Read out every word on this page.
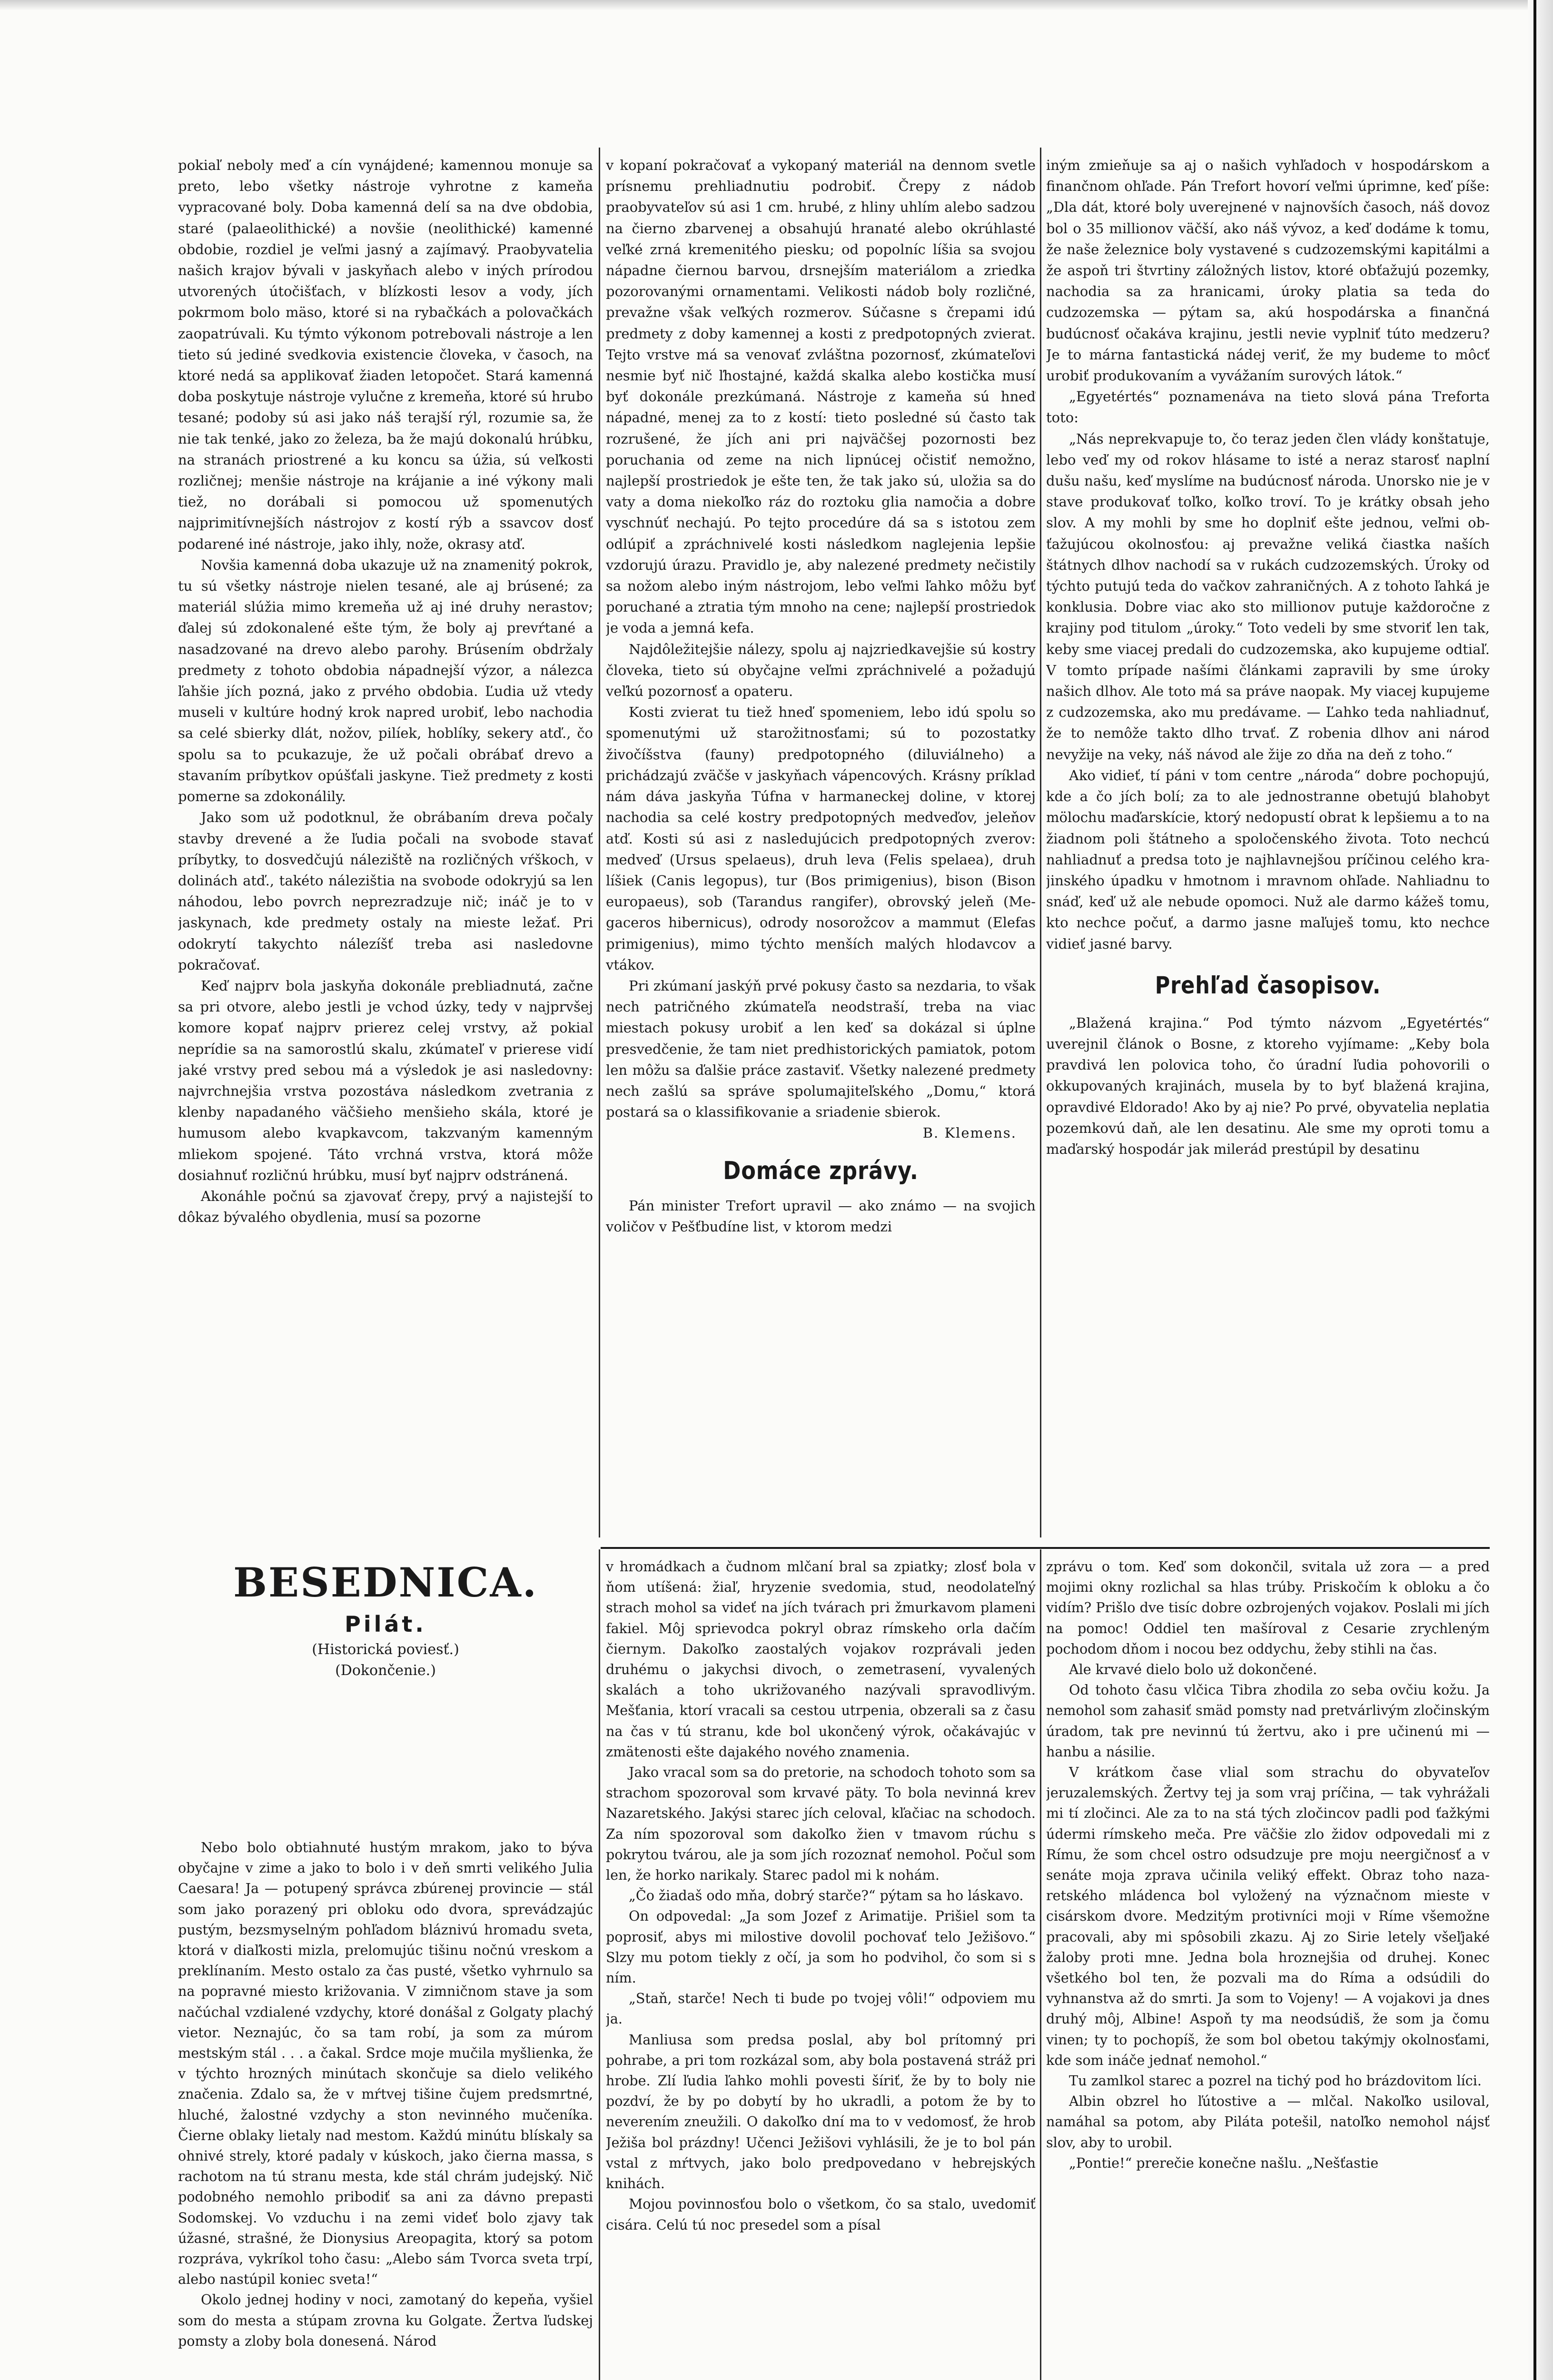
pokiaľ neboly meď a cín vynájdené; kamennou monuje sa preto, lebo všetky nástroje vyhrotne z kameňa vypracované boly. Doba kamenná delí sa na dve obdobia, staré (palaeolithické) a novšie (neolithické) kamenné obdobie, rozdiel je veľmi jasný a zajímavý. Praobyvatelia našich krajov bývali v jaskyňach alebo v iných prírodou utvorených útočišťach, v blízkosti lesov a vody, jích pokrmom bolo mäso, ktoré si na rybačkách a polovačkách zaopatrúvali. Ku týmto výkonom potrebovali nástroje a len tieto sú jediné svedkovia existencie človeka, v časoch, na ktoré nedá sa applikovať žiaden letopočet. Stará kamenná doba poskytuje nástroje vylučne z kremeňa, ktoré sú hrubo tesané; podoby sú asi jako náš terajší rýl, rozumie sa, že nie tak tenké, jako zo železa, ba že majú dokonalú hrúbku, na stranách priostrené a ku koncu sa úžia, sú veľkosti rozličnej; menšie nástroje na krájanie a iné výkony mali tiež, no dorábali si pomocou už spomenutých najprimitívnejších nástrojov z kostí rýb a ssavcov dosť podarené iné nástroje, jako ihly, nože, okrasy atď.

Novšia kamenná doba ukazuje už na znamenitý pokrok, tu sú všetky nástroje nielen tesané, ale aj brúsené; za materiál slúžia mimo kremeňa už aj iné druhy nerastov; ďalej sú zdokonalené ešte tým, že boly aj prevŕtané a nasadzované na drevo alebo parohy. Brúsením obdržaly predmety z tohoto obdobia nápadnejší výzor, a nálezca ľahšie jích pozná, jako z prvého obdobia. Ľudia už vtedy museli v kultúre hodný krok napred urobiť, lebo nachodia sa celé sbierky dlát, nožov, pilíek, hoblíky, sekery atď., čo spolu sa to pcukazuje, že už počali obrábať drevo a stavaním príbytkov opúšťali jaskyne. Tiež predmety z kosti pomerne sa zdokonálily.

Jako som už podotknul, že obrábaním dreva počaly stavby drevené a že ľudia počali na svobode stavať príbytky, to dosvedčujú náleziště na rozličných vŕškoch, v dolinách atď., takéto nálezištia na svobode odokryjú sa len náhodou, lebo povrch neprezradzuje nič; ináč je to v jaskynach, kde predmety ostaly na mieste ležať. Pri odokrytí takychto nálezíšť treba asi nasledovne pokračovať.

Keď najprv bola jaskyňa dokonále prebliadnutá, začne sa pri otvore, alebo jestli je vchod úzky, tedy v najprvšej komore kopať najprv prierez celej vrstvy, až pokiaľ neprídie sa na samorostlú skalu, zkúmateľ v prieresе vidí jaké vrstvy pred sebou má a výsledok je asi nasledovny: najvrchnejšia vrstva pozostáva následkom zvetrania z klenby napadaného väčšieho menšieho skála, ktoré je humusom alebo kvapkavcom, takzvaným kamenným mliekom spojené. Táto vrchná vrstva, ktorá môže dosiahnuť rozličnú hrúbku, musí byť najprv odstránená.

Akonáhle počnú sa zjavovať črepy, prvý a najistejší to dôkaz bývalého obydlenia, musí sa pozorne

v kopaní pokračovať a vykopaný materiál na dennom svetle prísnemu prehliadnutiu podrobiť. Črepy z nádob praobyvateľov sú asi 1 cm. hrubé, z hliny uhlím alebo sadzou na čierno zbarvenej a obsahujú hranaté alebo okrúhlasté veľké zrná kremenitého piesku; od popolníc líšia sa svojou nápadne čiernou barvou, drsnejším materiálom a zriedka pozorovanými ornamentami. Velikosti nádob boly rozličné, prevažne však veľkých rozmerov. Súčasne s črepami idú predmety z doby kamennej a kosti z predpotopných zvierat. Tejto vrstve má sa venovať zvláštna pozornosť, zkúmateľovi nesmie byť nič ľhostajné, každá skalka alebo kostička musí byť dokonále prezkúmaná. Nástroje z kameňa sú hneď nápadné, menej za to z kostí: tieto posledné sú často tak rozrušené, že jích ani pri najväčšej pozornosti bez poruchania od zeme na nich lipnúcej očistiť nemožno, najlepší prostriedok je ešte ten, že tak jako sú, uložia sa do vaty a doma niekoľko ráz do roztoku glia namočia a dobre vyschnúť nechajú. Po tejto procedúre dá sa s istotou zem odlúpiť a zpráchnivelé kosti následkom naglejenia lepšie vzdorujú úrazu. Pravidlo je, aby nalezené predmety nečistily sa nožom alebo iným nástrojom, lebo veľmi ľahko môžu byť poruchané a ztratia tým mnoho na cene; najlepší prostriedok je voda a jemná kefa.

Najdôležitejšie nálezy, spolu aj najzriedkavejšie sú kostry človeka, tieto sú obyčajne veľmi zpráchnivelé a požadujú veľkú pozornosť a opateru.

Kosti zvierat tu tiež hneď spomeniem, lebo idú spolu so spomenutými už starožitnosťami; sú to pozostatky živočíšstva (fauny) predpotopného (diluviálneho) a prichádzajú zväčše v jaskyňach vápencových. Krásny príklad nám dáva jaskyňa Túfna v harmaneckej doline, v ktorej nachodia sa celé kostry predpotopných medveďov, jeleňov atď. Kosti sú asi z nasledujúcich predpotopných zverov: medveď (Ursus spelaeus), druh leva (Felis spelaea), druh líšiek (Canis legopus), tur (Bos primigenius), bison (Bison europaeus), sob (Tarandus rangifer), obrovský jeleň (Megaceros hibernicus), odrody nosorožcov a mammut (Elefas primigenius), mimo týchto menších malých hlodavcov a vtákov.

Pri zkúmaní jaskýň prvé pokusy často sa nezdaria, to však nech patričného zkúmateľa neodstraší, treba na viac miestach pokusy urobiť a len keď sa dokázal si úplne presvedčenie, že tam niet predhistorických pamiatok, potom len môžu sa ďalšie práce zastaviť. Všetky nalezené predmety nech zašlú sa správe spolumajiteľského „Domu,“ ktorá postará sa o klassifikovanie a sriadenie sbierok.

B. Klemens.

Domáce zprávy.

Pán minister Trefort upravil — ako známo — na svojich voličov v Pešťbudíne list, v ktorom medzi

iným zmieňuje sa aj o našich vyhľadoch v hospodárskom a finančnom ohľade. Pán Trefort hovorí veľmi úprimne, keď píše: „Dla dát, ktoré boly uverejnené v najnovších časoch, náš dovoz bol o 35 millionov väčší, ako náš vývoz, a keď dodáme k tomu, že naše železnice boly vystavené s cudzozemskými kapitálmi a že aspoň tri štvrtiny záložných listov, ktoré obťažujú pozemky, nachodia sa za hranicami, úroky platia sa teda do cudzozemska — pýtam sa, akú hospodárska a finančná budúcnosť očakáva krajinu, jestli nevie vyplniť túto medzeru? Je to márna fantastická nádej veriť, že my budeme to môcť urobiť produkovaním a vyvážaním surových látok.“

„Egyetértés“ poznamenáva na tieto slová pána Treforta toto:

„Nás neprekvapuje to, čo teraz jeden člen vlády konštatuje, lebo veď my od rokov hlásame to isté a neraz starosť naplní dušu našu, keď myslíme na budúcnosť národa. Unorsko nie je v stave produkovať toľko, koľko troví. To je krátky obsah jeho slov. A my mohli by sme ho doplniť ešte jednou, veľmi obťažujúcou okolnosťou: aj prevažne veliká čiastka naších štátnych dlhov nachodí sa v rukách cudzozemských. Úroky od týchto putujú teda do vačkov zahraničných. A z tohoto ľahká je konklusia. Dobre viac ako sto millionov putuje každoročne z krajiny pod titulom „úroky.“ Toto vedeli by sme stvoriť len tak, keby sme viacej predali do cudzozemska, ako kupujeme odtiaľ. V tomto prípade našími článkami zapravili by sme úroky našich dlhov. Ale toto má sa práve naopak. My viacej kupujeme z cudzozemska, ako mu predávame. — Ľahko teda nahliadnuť, že to nemôže takto dlho trvať. Z robenia dlhov ani národ nevyžije na veky, náš návod ale žije zo dňa na deň z toho.“

Ako vidieť, tí páni v tom centre „národa“ dobre pochopujú, kde a čo jích bolí; za to ale jednostranne obetujú blahobyt mölochu maďarskície, ktorý nedopustí obrat k lepšiemu a to na žiadnom poli štátneho a spoločenského života. Toto nechcú nahliadnuť a predsa toto je najhlavnejšou príčinou celého krajinského úpadku v hmotnom i mravnom ohľade. Nahliadnu to snáď, keď už ale nebude opomoci. Nuž ale darmo kážeš tomu, kto nechce počuť, a darmo jasne maľuješ tomu, kto nechce vidieť jasné barvy.

Prehľad časopisov.

„Blažená krajina.“ Pod týmto názvom „Egyetértés“ uverejnil článok o Bosne, z ktoreho vyjímame: „Keby bola pravdivá len polovica toho, čo úradní ľudia pohovorili o okkupovaných krajinách, musela by to byť blažená krajina, opravdivé Eldorado! Ako by aj nie? Po prvé, obyvatelia neplatia pozemkovú daň, ale len desatinu. Ale sme my oproti tomu a maďarský hospodár jak milerád prestúpil by desatinu

BESEDNICA.
Pilát.
(Historická poviesť.)
(Dokončenie.)

Nebo bolo obtiahnuté hustým mrakom, jako to býva obyčajne v zime a jako to bolo i v deň smrti velikého Julia Caesara! Ja — potupený správca zbúrenej provincie — stál som jako porazený pri obloku odo dvora, sprevádzajúc pustým, bezsmyselným pohľadom bláznivú hromadu sveta, ktorá v diaľkosti mizla, prelomujúc tišinu nočnú vreskom a preklínaním. Mesto ostalo za čas pusté, všetko vyhrnulo sa na popravné miesto križovania. V zimničnom stave ja som načúchal vzdialené vzdychy, ktoré donášal z Golgaty plachý vietor. Neznajúc, čo sa tam robí, ja som za múrom mestským stál . . . a čakal. Srdce moje mučila myšlienka, že v týchto hrozných minútach skončuje sa dielo velikého značenia. Zdalo sa, že v mŕtvej tišine čujem predsmrtné, hluché, žalostné vzdychy a ston nevinného mučeníka. Čierne oblaky lietaly nad mestom. Každú minútu blískaly sa ohnivé strely, ktoré padaly v kúskoch, jako čierna massa, s rachotom na tú stranu mesta, kde stál chrám judejský. Nič podobného nemohlo pribodiť sa ani za dávno prepasti Sodomskej. Vo vzduchu i na zemi videť bolo zjavy tak úžasné, strašné, že Dionysius Areopagita, ktorý sa potom rozpráva, vykríkol toho času: „Alebo sám Tvorca sveta trpí, alebo nastúpil koniec sveta!“

Okolo jednej hodiny v noci, zamotaný do kepeňa, vyšiel som do mesta a stúpam zrovna ku Golgate. Žertva ľudskej pomsty a zloby bola donesená. Národ

v hromádkach a čudnom mlčaní bral sa zpiatky; zlosť bola v ňom utíšená: žiaľ, hryzenie svedomia, stud, neodolateľný strach mohol sa videť na jích tvárach pri žmurkavom plameni fakiel. Môj sprievodca pokryl obraz rímskeho orla dačím čiernym. Dakoľko zaostalých vojakov rozprávali jeden druhému o jakychsi divoch, o zemetrasení, vyvalených skalách a toho ukrižovaného nazývali spravodlivým. Mešťania, ktorí vracali sa cestou utrpenia, obzerali sa z času na čas v tú stranu, kde bol ukončený výrok, očakávajúc v zmätenosti ešte dajakého nového znamenia.

Jako vracal som sa do pretorie, na schodoch tohoto som sa strachom spozoroval som krvavé päty. To bola nevinná krev Nazaretského. Jakýsi starec jích celoval, kľačiac na schodoch. Za ním spozoroval som dakoľko žien v tmavom rúchu s pokrytou tvárou, ale ja som jích rozoznať nemohol. Počul som len, že horko narikaly. Starec padol mi k nohám.

„Čo žiadaš odo mňa, dobrý starče?“ pýtam sa ho láskavo.

On odpovedal: „Ja som Jozef z Arimatije. Prišiel som ta poprosiť, abys mi milostive dovolil pochovať telo Ježišovo.“ Slzy mu potom tiekly z očí, ja som ho podvihol, čo som si s ním.

„Staň, starče! Nech ti bude po tvojej vôli!“ odpoviem mu ja.

Manliusa som predsa poslal, aby bol prítomný pri pohrabe, a pri tom rozkázal som, aby bola postavená stráž pri hrobe. Zlí ľudia ľahko mohli povesti šíriť, že by to boly nie pozdví, že by po dobytí by ho ukradli, a potom že by to neverením zneužili. O dakoľko dní ma to v vedomosť, že hrob Ježiša bol prázdny! Učenci Ježišovi vyhlásili, že je to bol pán vstal z mŕtvych, jako bolo predpovedano v hebrejských knihách.

Mojou povinnosťou bolo o všetkom, čo sa stalo, uvedomiť cisára. Celú tú noc presedel som a písal

zprávu o tom. Keď som dokončil, svitala už zora — a pred mojimi okny rozlichal sa hlas trúby. Priskočím k obloku a čo vidím? Prišlo dve tisíc dobre ozbrojených vojakov. Poslali mi jích na pomoc! Oddiel ten mašíroval z Cesarie zrychleným pochodom dňom i nocou bez oddychu, žeby stihli na čas.

Ale krvavé dielo bolo už dokončené.

Od tohoto času vlčica Tibra zhodila zo seba ovčiu kožu. Ja nemohol som zahasiť smäd pomsty nad pretvárlivým zločinským úradom, tak pre nevinnú tú žertvu, ako i pre učinenú mi — hanbu a násilie.

V krátkom čase vlial som strachu do obyvateľov jeruzalemských. Žertvy tej ja som vraj príčina, — tak vyhrážali mi tí zločinci. Ale za to na stá tých zločincov padli pod ťažkými údermi rímskeho meča. Pre väčšie zlo židov odpovedali mi z Rímu, že som chcel ostro odsudzuje pre moju neergičnosť a v senáte moja zprava učinila veliký effekt. Obraz toho nazaretského mládenca bol vyložený na význačnom mieste v cisárskom dvore. Medzitým protivníci moji v Ríme všemožne pracovali, aby mi spôsobili zkazu. Aj zo Sirie letely všeľjaké žaloby proti mne. Jedna bola hroznejšia od druhej. Konec všetkého bol ten, že pozvali ma do Ríma a odsúdili do vyhnanstva až do smrti. Ja som to Vojeny! — A vojakovi ja dnes druhý môj, Albine! Aspoň ty ma neodsúdiš, že som ja čomu vinen; ty to pochopíš, že som bol obetou takýmjy okolnosťami, kde som ináče jednať nemohol.“

Tu zamlkol starec a pozrel na tichý pod ho brázdovitom líci.

Albin obzrel ho ľútostive a — mlčal. Nakoľko usiloval, namáhal sa potom, aby Piláta potešil, natoľko nemohol nájsť slov, aby to urobil.

„Pontie!“ prerečie konečne našlu. „Nešťastie
